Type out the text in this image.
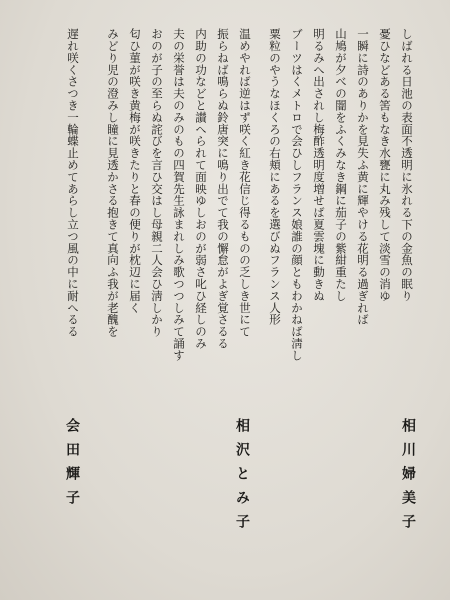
しばれる日池の表面不透明に氷れる下の金魚の眠り
憂ひなどある筈もなき水甕に丸み残して淡雪の消ゆ
一瞬に詩のありかを見失ふ黄に輝やける花明る過ぎれば
山鳩が夕べの闇をふくみなき鋼に茄子の紫紺重たし
明るみへ出されし梅酢透明度増せば夏雲塊に動きぬ
ブーツはくメトロで会ひしフランス娘誰の顔ともわかねば淸し
粟粒のやうなほくろの右頬にあるを選びぬフランス人形
相川婦美子
温めやれば逆はず咲く紅き花信じ得るものの乏しき世にて
振らねば鳴らぬ鈴唐突に鳴り出でて我の懈怠がよぎ覚さるる
内助の功などと讃へられて面映ゆしおのが弱さ叱ひ経しのみ
夫の栄誉は夫のみのもの四賀先生詠まれしみ歌つつしみて誦す
おのが子の至らぬ詫びを言ひ交はし母親二人会ひ淸しかり
匂ひ菫が咲き黄梅が咲きたりと春の便りが枕辺に届く
みどり児の澄みし瞳に見透かさる抱きて真向ふ我が老醜を
相沢とみ子
遅れ咲くさつき一輪蝶止めてあらし立つ風の中に耐へるる
会田輝子
